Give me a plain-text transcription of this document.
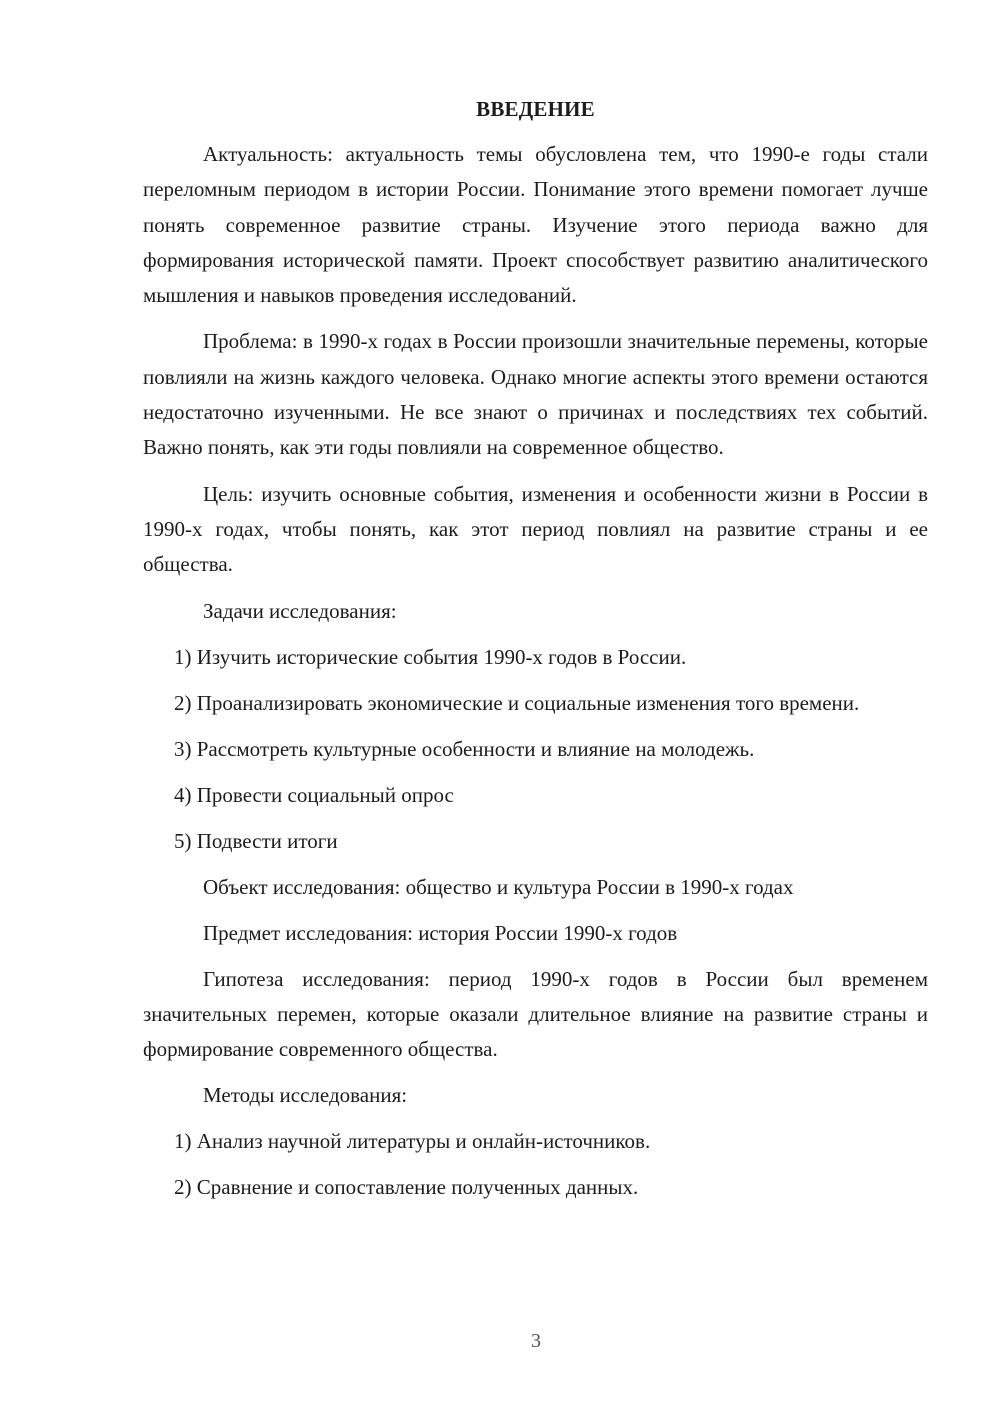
ВВЕДЕНИЕ

Актуальность: актуальность темы обусловлена тем, что 1990-е годы стали переломным периодом в истории России. Понимание этого времени помогает лучше понять современное развитие страны. Изучение этого периода важно для формирования исторической памяти. Проект способствует развитию аналитического мышления и навыков проведения исследований.

Проблема: в 1990-х годах в России произошли значительные перемены, которые повлияли на жизнь каждого человека. Однако многие аспекты этого времени остаются недостаточно изученными. Не все знают о причинах и последствиях тех событий. Важно понять, как эти годы повлияли на современное общество.

Цель: изучить основные события, изменения и особенности жизни в России в 1990-х годах, чтобы понять, как этот период повлиял на развитие страны и ее общества.

Задачи исследования:

1) Изучить исторические события 1990-х годов в России.

2) Проанализировать экономические и социальные изменения того времени.

3) Рассмотреть культурные особенности и влияние на молодежь.

4) Провести социальный опрос

5) Подвести итоги

Объект исследования: общество и культура России в 1990-х годах

Предмет исследования: история России 1990-х годов

Гипотеза исследования: период 1990-х годов в России был временем значительных перемен, которые оказали длительное влияние на развитие страны и формирование современного общества.

Методы исследования:

1) Анализ научной литературы и онлайн-источников.

2) Сравнение и сопоставление полученных данных.

3
